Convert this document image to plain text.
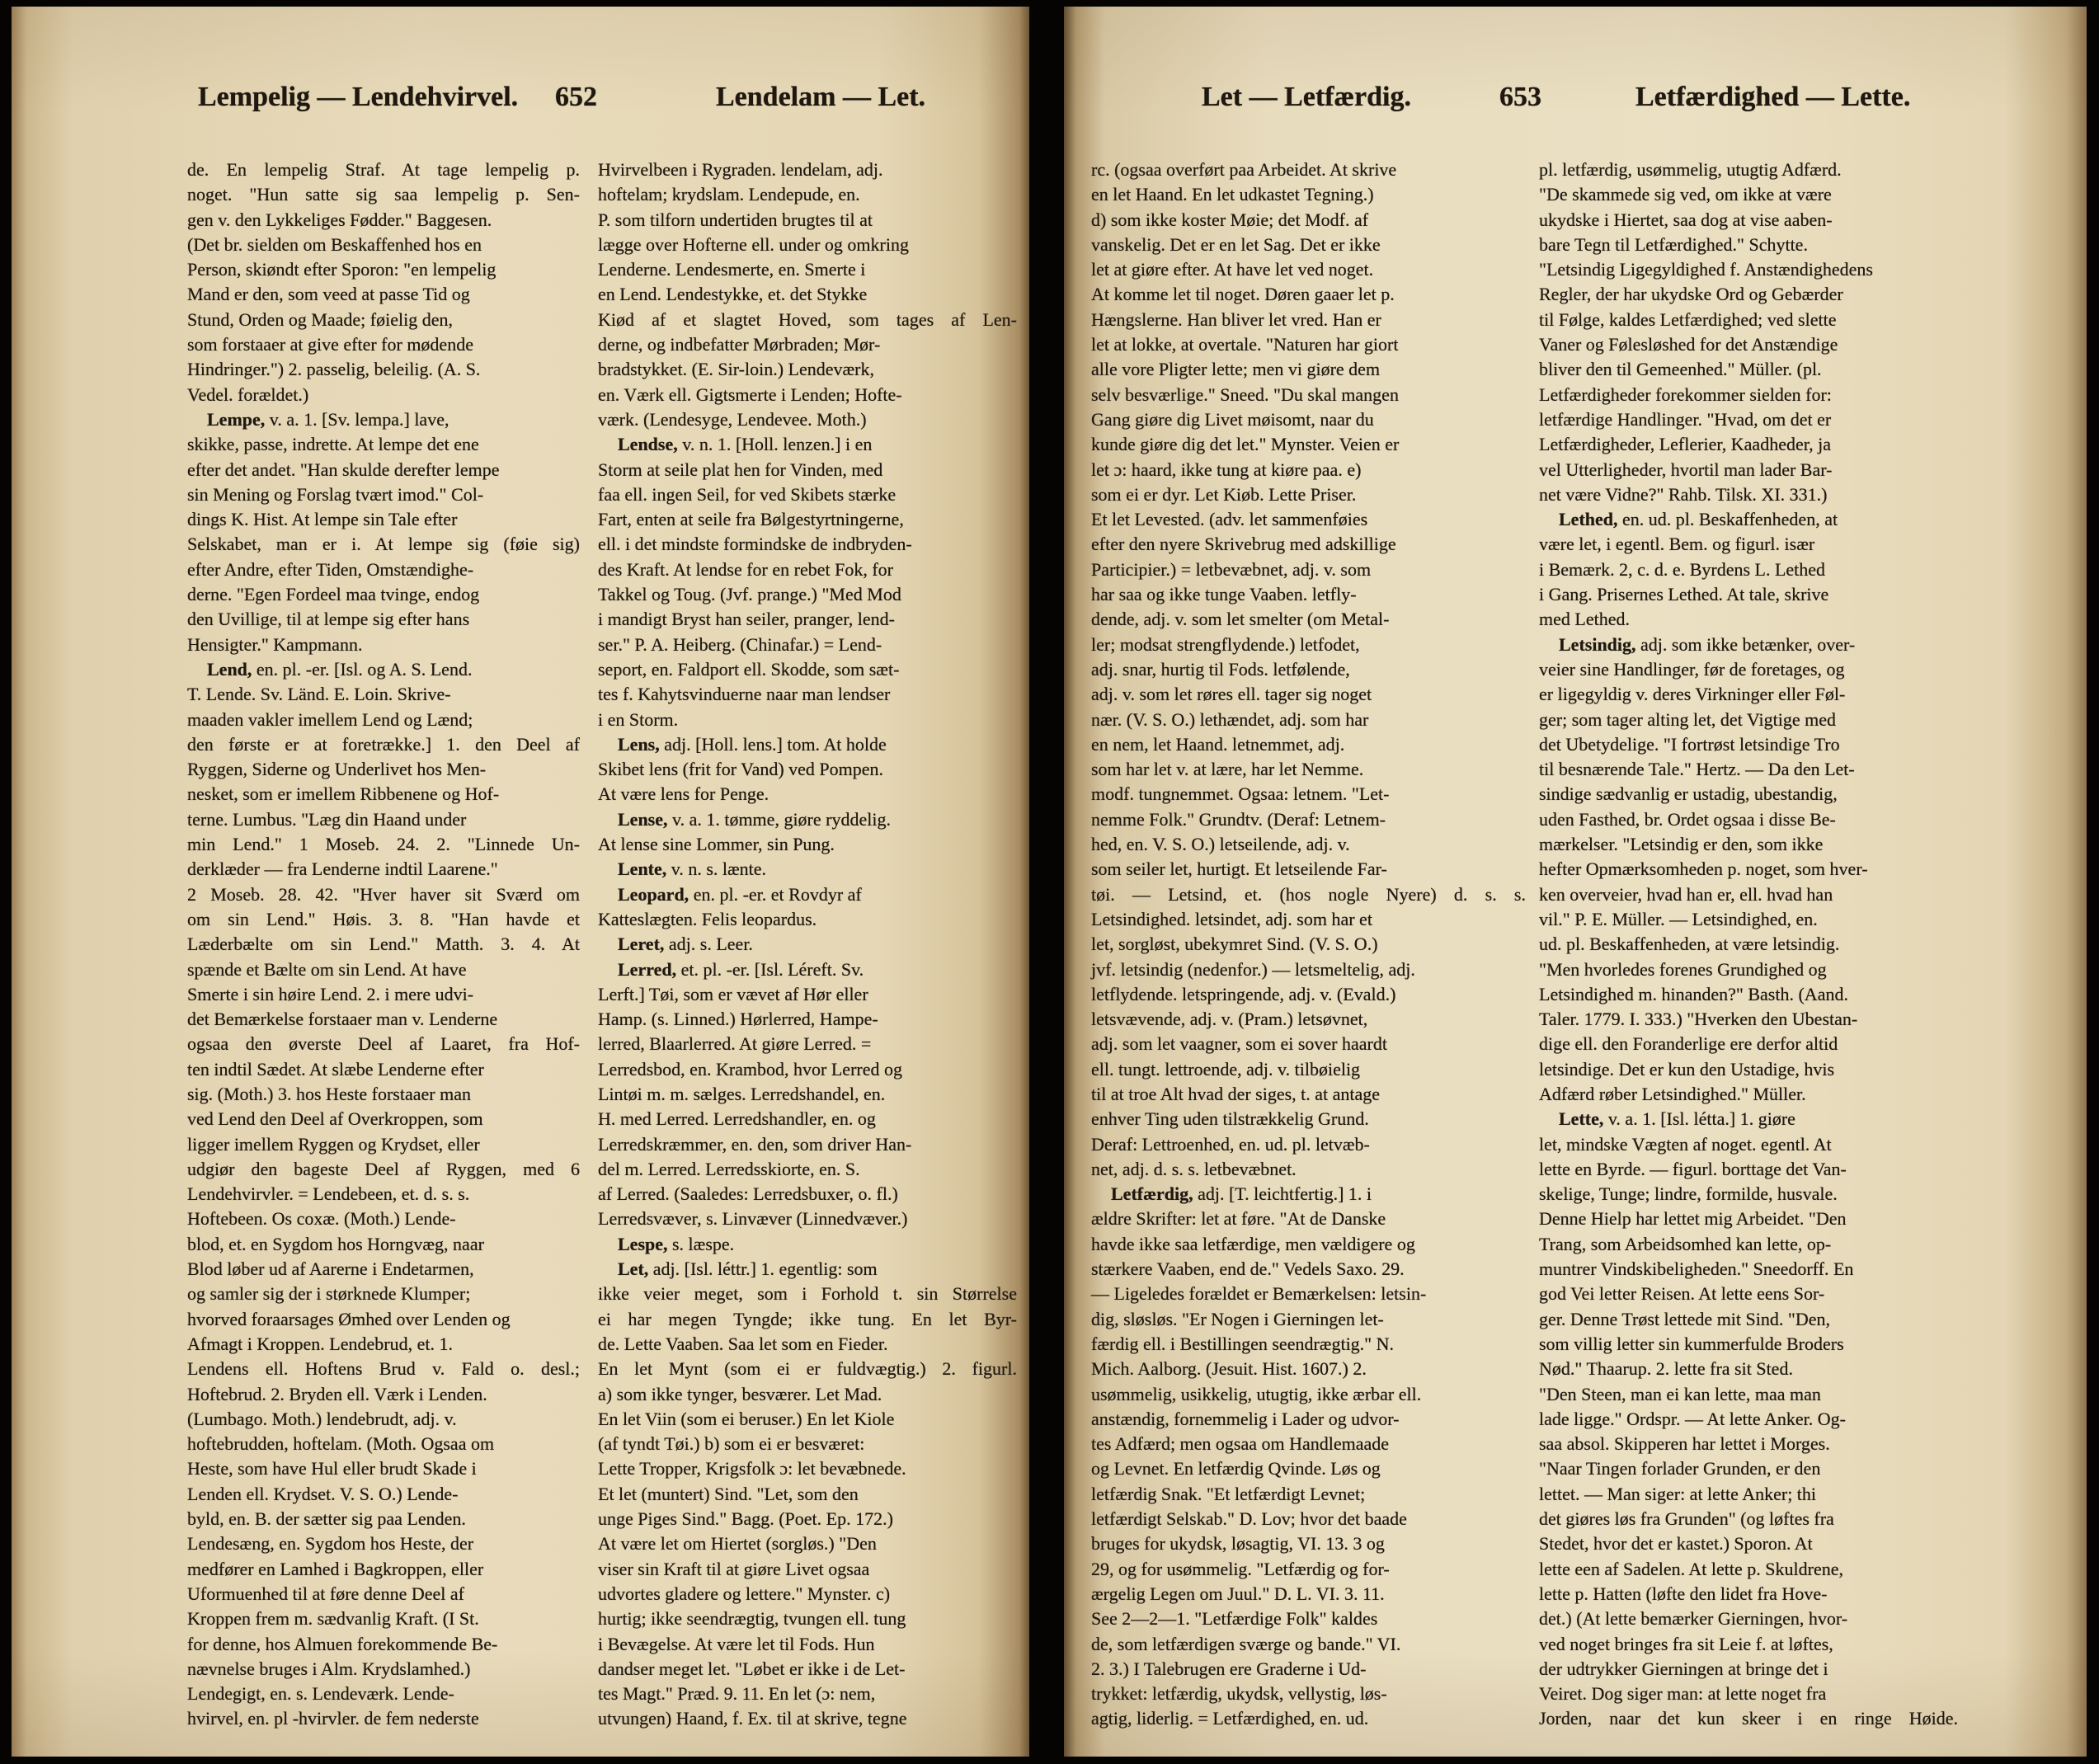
Lempelig — Lendehvirvel. 652	Lendelam — Let.
de. En lempelig Straf. At tage lempelig p.
noget. "Hun satte sig saa lempelig p. Sen-
gen v. den Lykkeliges Fødder." Baggesen.
(Det br. sielden om Beskaffenhed hos en
Person, skiøndt efter Sporon: "en lempelig
Mand er den, som veed at passe Tid og
Stund, Orden og Maade; føielig den,
som forstaaer at give efter for mødende
Hindringer.") 2. passelig, beleilig. (A. S.
Vedel. forældet.)
Lempe, v. a. 1. [Sv. lempa.] lave,
skikke, passe, indrette. At lempe det ene
efter det andet. "Han skulde derefter lempe
sin Mening og Forslag tvært imod." Col-
dings K. Hist. At lempe sin Tale efter
Selskabet, man er i. At lempe sig (føie sig)
efter Andre, efter Tiden, Omstændighe-
derne. "Egen Fordeel maa tvinge, endog
den Uvillige, til at lempe sig efter hans
Hensigter." Kampmann.
Lend, en. pl. -er. [Isl. og A. S. Lend.
T. Lende. Sv. Länd. E. Loin. Skrive-
maaden vakler imellem Lend og Lænd;
den første er at foretrække.] 1. den Deel af
Ryggen, Siderne og Underlivet hos Men-
nesket, som er imellem Ribbenene og Hof-
terne. Lumbus. "Læg din Haand under
min Lend." 1 Moseb. 24. 2. "Linnede Un-
derklæder — fra Lenderne indtil Laarene."
2 Moseb. 28. 42. "Hver haver sit Sværd om
om sin Lend." Høis. 3. 8. "Han havde et
Læderbælte om sin Lend." Matth. 3. 4. At
spænde et Bælte om sin Lend. At have
Smerte i sin høire Lend. 2. i mere udvi-
det Bemærkelse forstaaer man v. Lenderne
ogsaa den øverste Deel af Laaret, fra Hof-
ten indtil Sædet. At slæbe Lenderne efter
sig. (Moth.) 3. hos Heste forstaaer man
ved Lend den Deel af Overkroppen, som
ligger imellem Ryggen og Krydset, eller
udgiør den bageste Deel af Ryggen, med 6
Lendehvirvler. = Lendebeen, et. d. s. s.
Hoftebeen. Os coxæ. (Moth.) Lende-
blod, et. en Sygdom hos Horngvæg, naar
Blod løber ud af Aarerne i Endetarmen,
og samler sig der i størknede Klumper;
hvorved foraarsages Ømhed over Lenden og
Afmagt i Kroppen. Lendebrud, et. 1.
Lendens ell. Hoftens Brud v. Fald o. desl.;
Hoftebrud. 2. Bryden ell. Værk i Lenden.
(Lumbago. Moth.) lendebrudt, adj. v.
hoftebrudden, hoftelam. (Moth. Ogsaa om
Heste, som have Hul eller brudt Skade i
Lenden ell. Krydset. V. S. O.) Lende-
byld, en. B. der sætter sig paa Lenden.
Lendesæng, en. Sygdom hos Heste, der
medfører en Lamhed i Bagkroppen, eller
Uformuenhed til at føre denne Deel af
Kroppen frem m. sædvanlig Kraft. (I St.
for denne, hos Almuen forekommende Be-
nævnelse bruges i Alm. Krydslamhed.)
Lendegigt, en. s. Lendeværk. Lende-
hvirvel, en. pl -hvirvler. de fem nederste
Hvirvelbeen i Rygraden. lendelam, adj.
hoftelam; krydslam. Lendepude, en.
P. som tilforn undertiden brugtes til at
lægge over Hofterne ell. under og omkring
Lenderne. Lendesmerte, en. Smerte i
en Lend. Lendestykke, et. det Stykke
Kiød af et slagtet Hoved, som tages af Len-
derne, og indbefatter Mørbraden; Mør-
bradstykket. (E. Sir-loin.) Lendeværk,
en. Værk ell. Gigtsmerte i Lenden; Hofte-
værk. (Lendesyge, Lendevee. Moth.)
Lendse, v. n. 1. [Holl. lenzen.] i en
Storm at seile plat hen for Vinden, med
faa ell. ingen Seil, for ved Skibets stærke
Fart, enten at seile fra Bølgestyrtningerne,
ell. i det mindste formindske de indbryden-
des Kraft. At lendse for en rebet Fok, for
Takkel og Toug. (Jvf. prange.) "Med Mod
i mandigt Bryst han seiler, pranger, lend-
ser." P. A. Heiberg. (Chinafar.) = Lend-
seport, en. Faldport ell. Skodde, som sæt-
tes f. Kahytsvinduerne naar man lendser
i en Storm.
Lens, adj. [Holl. lens.] tom. At holde
Skibet lens (frit for Vand) ved Pompen.
At være lens for Penge.
Lense, v. a. 1. tømme, giøre ryddelig.
At lense sine Lommer, sin Pung.
Lente, v. n. s. lænte.
Leopard, en. pl. -er. et Rovdyr af
Katteslægten. Felis leopardus.
Leret, adj. s. Leer.
Lerred, et. pl. -er. [Isl. Léreft. Sv.
Lerft.] Tøi, som er vævet af Hør eller
Hamp. (s. Linned.) Hørlerred, Hampe-
lerred, Blaarlerred. At giøre Lerred. =
Lerredsbod, en. Krambod, hvor Lerred og
Lintøi m. m. sælges. Lerredshandel, en.
H. med Lerred. Lerredshandler, en. og
Lerredskræmmer, en. den, som driver Han-
del m. Lerred. Lerredsskiorte, en. S.
af Lerred. (Saaledes: Lerredsbuxer, o. fl.)
Lerredsvæver, s. Linvæver (Linnedvæver.)
Lespe, s. læspe.
Let, adj. [Isl. léttr.] 1. egentlig: som
ikke veier meget, som i Forhold t. sin Størrelse
ei har megen Tyngde; ikke tung. En let Byr-
de. Lette Vaaben. Saa let som en Fieder.
En let Mynt (som ei er fuldvægtig.) 2. figurl.
a) som ikke tynger, besværer. Let Mad.
En let Viin (som ei beruser.) En let Kiole
(af tyndt Tøi.) b) som ei er besværet:
Lette Tropper, Krigsfolk ɔ: let bevæbnede.
Et let (muntert) Sind. "Let, som den
unge Piges Sind." Bagg. (Poet. Ep. 172.)
At være let om Hiertet (sorgløs.) "Den
viser sin Kraft til at giøre Livet ogsaa
udvortes gladere og lettere." Mynster. c)
hurtig; ikke seendrægtig, tvungen ell. tung
i Bevægelse. At være let til Fods. Hun
dandser meget let. "Løbet er ikke i de Let-
tes Magt." Præd. 9. 11. En let (ɔ: nem,
utvungen) Haand, f. Ex. til at skrive, tegne
Let — Letfærdig.	653	Letfærdighed — Lette.
rc. (ogsaa overført paa Arbeidet. At skrive
en let Haand. En let udkastet Tegning.)
d) som ikke koster Møie; det Modf. af
vanskelig. Det er en let Sag. Det er ikke
let at giøre efter. At have let ved noget.
At komme let til noget. Døren gaaer let p.
Hængslerne. Han bliver let vred. Han er
let at lokke, at overtale. "Naturen har giort
alle vore Pligter lette; men vi giøre dem
selv besværlige." Sneed. "Du skal mangen
Gang giøre dig Livet møisomt, naar du
kunde giøre dig det let." Mynster. Veien er
let ɔ: haard, ikke tung at kiøre paa. e)
som ei er dyr. Let Kiøb. Lette Priser.
Et let Levested. (adv. let sammenføies
efter den nyere Skrivebrug med adskillige
Participier.) = letbevæbnet, adj. v. som
har saa og ikke tunge Vaaben. letfly-
dende, adj. v. som let smelter (om Metal-
ler; modsat strengflydende.) letfodet,
adj. snar, hurtig til Fods. letfølende,
adj. v. som let røres ell. tager sig noget
nær. (V. S. O.) lethændet, adj. som har
en nem, let Haand. letnemmet, adj.
som har let v. at lære, har let Nemme.
modf. tungnemmet. Ogsaa: letnem. "Let-
nemme Folk." Grundtv. (Deraf: Letnem-
hed, en. V. S. O.) letseilende, adj. v.
som seiler let, hurtigt. Et letseilende Far-
tøi. — Letsind, et. (hos nogle Nyere) d. s. s.
Letsindighed. letsindet, adj. som har et
let, sorgløst, ubekymret Sind. (V. S. O.)
jvf. letsindig (nedenfor.) — letsmeltelig, adj.
letflydende. letspringende, adj. v. (Evald.)
letsvævende, adj. v. (Pram.) letsøvnet,
adj. som let vaagner, som ei sover haardt
ell. tungt. lettroende, adj. v. tilbøielig
til at troe Alt hvad der siges, t. at antage
enhver Ting uden tilstrækkelig Grund.
Deraf: Lettroenhed, en. ud. pl. letvæb-
net, adj. d. s. s. letbevæbnet.
Letfærdig, adj. [T. leichtfertig.] 1. i
ældre Skrifter: let at føre. "At de Danske
havde ikke saa letfærdige, men vældigere og
stærkere Vaaben, end de." Vedels Saxo. 29.
— Ligeledes forældet er Bemærkelsen: letsin-
dig, sløsløs. "Er Nogen i Gierningen let-
færdig ell. i Bestillingen seendrægtig." N.
Mich. Aalborg. (Jesuit. Hist. 1607.) 2.
usømmelig, usikkelig, utugtig, ikke ærbar ell.
anstændig, fornemmelig i Lader og udvor-
tes Adfærd; men ogsaa om Handlemaade
og Levnet. En letfærdig Qvinde. Løs og
letfærdig Snak. "Et letfærdigt Levnet;
letfærdigt Selskab." D. Lov; hvor det baade
bruges for ukydsk, løsagtig, VI. 13. 3 og
29, og for usømmelig. "Letfærdig og for-
ærgelig Legen om Juul." D. L. VI. 3. 11.
See 2—2—1. "Letfærdige Folk" kaldes
de, som letfærdigen sværge og bande." VI.
2. 3.) I Talebrugen ere Graderne i Ud-
trykket: letfærdig, ukydsk, vellystig, løs-
agtig, liderlig. = Letfærdighed, en. ud.
pl. letfærdig, usømmelig, utugtig Adfærd.
"De skammede sig ved, om ikke at være
ukydske i Hiertet, saa dog at vise aaben-
bare Tegn til Letfærdighed." Schytte.
"Letsindig Ligegyldighed f. Anstændighedens
Regler, der har ukydske Ord og Gebærder
til Følge, kaldes Letfærdighed; ved slette
Vaner og Følesløshed for det Anstændige
bliver den til Gemeenhed." Müller. (pl.
Letfærdigheder forekommer sielden for:
letfærdige Handlinger. "Hvad, om det er
Letfærdigheder, Leflerier, Kaadheder, ja
vel Utterligheder, hvortil man lader Bar-
net være Vidne?" Rahb. Tilsk. XI. 331.)
Lethed, en. ud. pl. Beskaffenheden, at
være let, i egentl. Bem. og figurl. især
i Bemærk. 2, c. d. e. Byrdens L. Lethed
i Gang. Prisernes Lethed. At tale, skrive
med Lethed.
Letsindig, adj. som ikke betænker, over-
veier sine Handlinger, før de foretages, og
er ligegyldig v. deres Virkninger eller Føl-
ger; som tager alting let, det Vigtige med
det Ubetydelige. "I fortrøst letsindige Tro
til besnærende Tale." Hertz. — Da den Let-
sindige sædvanlig er ustadig, ubestandig,
uden Fasthed, br. Ordet ogsaa i disse Be-
mærkelser. "Letsindig er den, som ikke
hefter Opmærksomheden p. noget, som hver-
ken overveier, hvad han er, ell. hvad han
vil." P. E. Müller. — Letsindighed, en.
ud. pl. Beskaffenheden, at være letsindig.
"Men hvorledes forenes Grundighed og
Letsindighed m. hinanden?" Basth. (Aand.
Taler. 1779. I. 333.) "Hverken den Ubestan-
dige ell. den Foranderlige ere derfor altid
letsindige. Det er kun den Ustadige, hvis
Adfærd røber Letsindighed." Müller.
Lette, v. a. 1. [Isl. létta.] 1. giøre
let, mindske Vægten af noget. egentl. At
lette en Byrde. — figurl. borttage det Van-
skelige, Tunge; lindre, formilde, husvale.
Denne Hielp har lettet mig Arbeidet. "Den
Trang, som Arbeidsomhed kan lette, op-
muntrer Vindskibeligheden." Sneedorff. En
god Vei letter Reisen. At lette eens Sor-
ger. Denne Trøst lettede mit Sind. "Den,
som villig letter sin kummerfulde Broders
Nød." Thaarup. 2. lette fra sit Sted.
"Den Steen, man ei kan lette, maa man
lade ligge." Ordspr. — At lette Anker. Og-
saa absol. Skipperen har lettet i Morges.
"Naar Tingen forlader Grunden, er den
lettet. — Man siger: at lette Anker; thi
det giøres løs fra Grunden" (og løftes fra
Stedet, hvor det er kastet.) Sporon. At
lette een af Sadelen. At lette p. Skuldrene,
lette p. Hatten (løfte den lidet fra Hove-
det.) (At lette bemærker Gierningen, hvor-
ved noget bringes fra sit Leie f. at løftes,
der udtrykker Gierningen at bringe det i
Veiret. Dog siger man: at lette noget fra
Jorden, naar det kun skeer i en ringe Høide.
